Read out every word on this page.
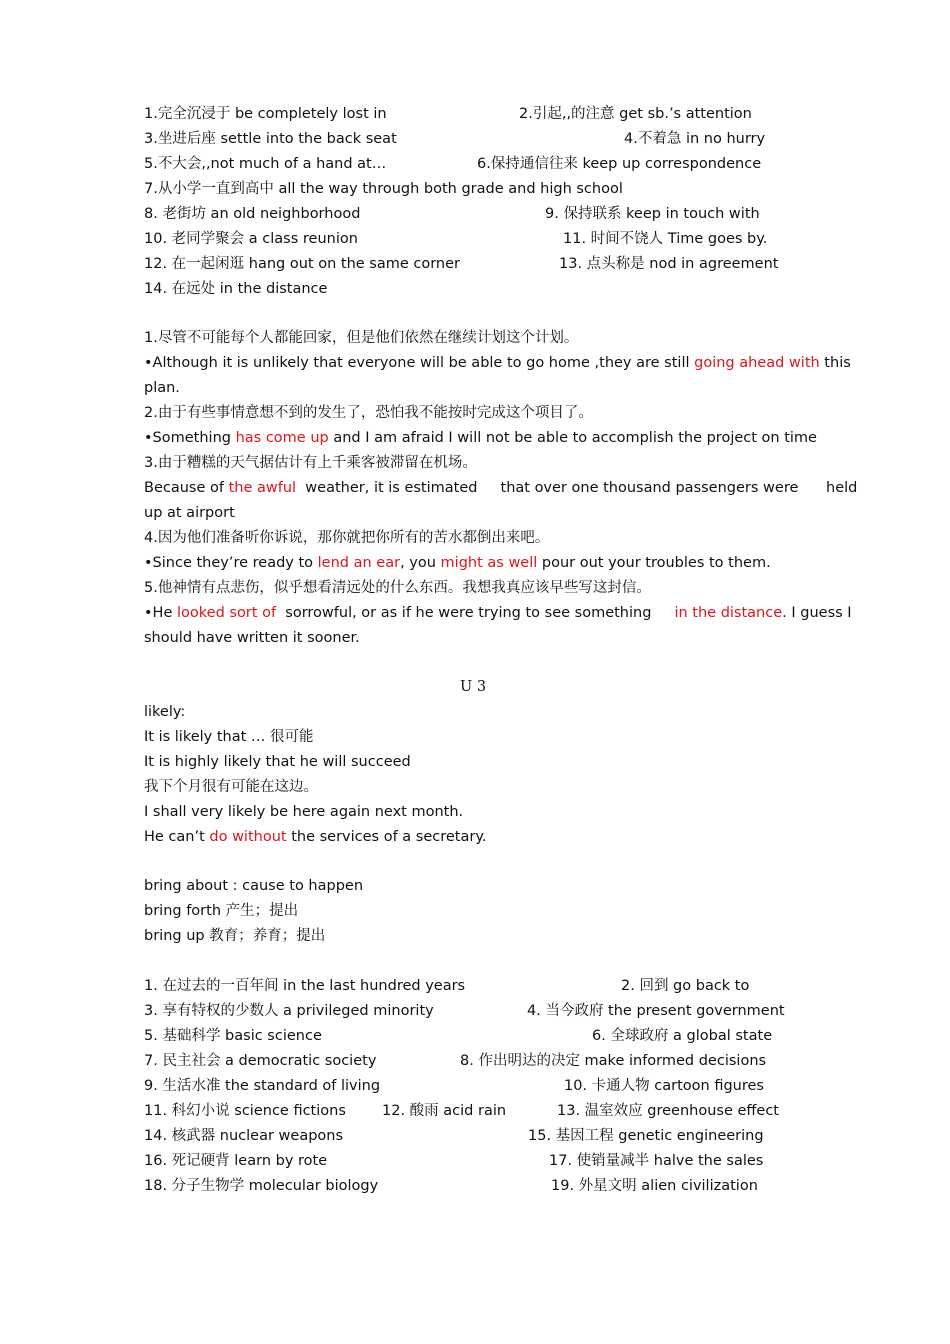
1.完全沉浸于 be completely lost in	2.引起,,的注意 get sb.’s attention
3.坐进后座 settle into the back seat	4.不着急 in no hurry
5.不大会,,not much of a hand at…	6.保持通信往来 keep up correspondence
7.从小学一直到高中 all the way through both grade and high school
8. 老街坊 an old neighborhood	9. 保持联系 keep in touch with
10. 老同学聚会 a class reunion	11. 时间不饶人 Time goes by.
12. 在一起闲逛 hang out on the same corner	13. 点头称是 nod in agreement
14. 在远处 in the distance
1.尽管不可能每个人都能回家，但是他们依然在继续计划这个计划。
•Although it is unlikely that everyone will be able to go home ,they are still going ahead with this
plan.
2.由于有些事情意想不到的发生了，恐怕我不能按时完成这个项目了。
•Something has come up and I am afraid I will not be able to accomplish the project on time
3.由于糟糕的天气据估计有上千乘客被滞留在机场。
Because of the awful  weather, it is estimated     that over one thousand passengers were      held
up at airport
4.因为他们准备听你诉说，那你就把你所有的苦水都倒出来吧。
•Since they’re ready to lend an ear, you might as well pour out your troubles to them.
5.他神情有点悲伤，似乎想看清远处的什么东西。我想我真应该早些写这封信。
•He looked sort of  sorrowful, or as if he were trying to see something     in the distance. I guess I
should have written it sooner.
U 3
likely:
It is likely that … 很可能
It is highly likely that he will succeed
我下个月很有可能在这边。
I shall very likely be here again next month.
He can’t do without the services of a secretary.
bring about : cause to happen
bring forth 产生；提出
bring up 教育；养育；提出
1. 在过去的一百年间 in the last hundred years	2. 回到 go back to
3. 享有特权的少数人 a privileged minority	4. 当今政府 the present government
5. 基础科学 basic science	6. 全球政府 a global state
7. 民主社会 a democratic society	8. 作出明达的决定 make informed decisions
9. 生活水准 the standard of living	10. 卡通人物 cartoon figures
11. 科幻小说 science fictions 12. 酸雨 acid rain	13. 温室效应 greenhouse effect
14. 核武器 nuclear weapons	15. 基因工程 genetic engineering
16. 死记硬背 learn by rote	17. 使销量减半 halve the sales
18. 分子生物学 molecular biology	19. 外星文明 alien civilization
